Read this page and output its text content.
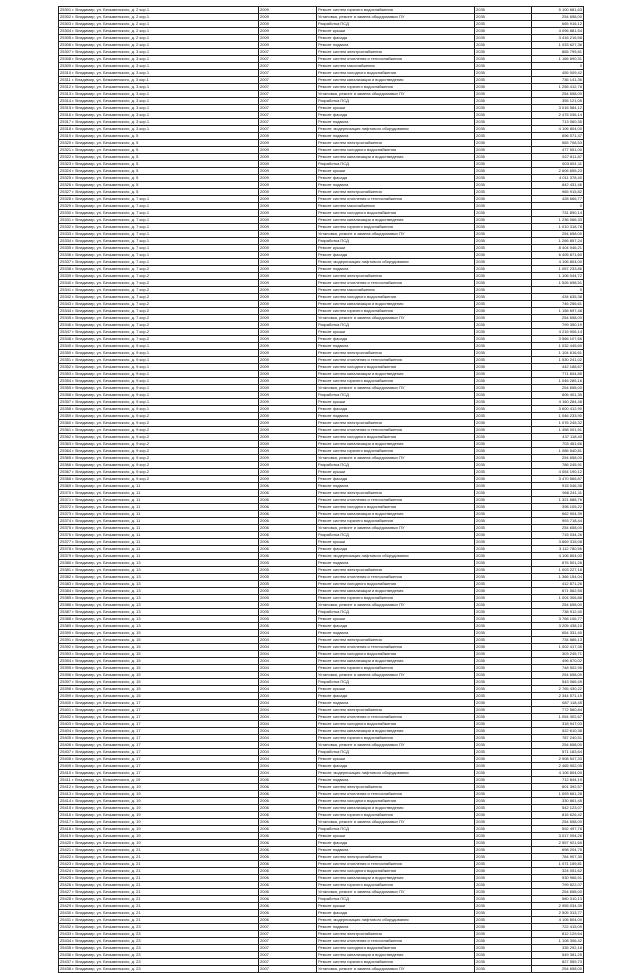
25301 г. Владимир, ул. Безыменского, д. 2 кор.1	2009	Ремонт систем горячего водоснабжения	2035	5 100 681,63
25302 г. Владимир, ул. Безыменского, д. 2 кор.1	2009	Установка, ремонт и замена общедомовых ПУ	2035	254 658,00
25303 г. Владимир, ул. Безыменского, д. 2 кор.1	2009	Разработка ПСД	2035	665 916,12
25304 г. Владимир, ул. Безыменского, д. 2 кор.1	2009	Ремонт крыши	2035	4 096 881,54
25305 г. Владимир, ул. Безыменского, д. 2 кор.1	2009	Ремонт фасада	2035	3 416 216,58
25306 г. Владимир, ул. Безыменского, д. 2 кор.1	2009	Ремонт подвала	2035	1 033 627,36
25307 г. Владимир, ул. Безыменского, д. 3 кор.1	2007	Ремонт систем электроснабжения	2035	865 795,81
25308 г. Владимир, ул. Безыменского, д. 3 кор.1	2007	Ремонт систем отопления и теплоснабжения	2035	1 166 690,31
25309 г. Владимир, ул. Безыменского, д. 3 кор.1	2007	Ремонт систем газоснабжения	2035	0
25310 г. Владимир, ул. Безыменского, д. 3 кор.1	2007	Ремонт систем холодного водоснабжения	2035	455 009,42
25311 г. Владимир, ул. Безыменского, д. 3 кор.1	2007	Ремонт систем канализации и водоотведения	2035	736 141,36
25312 г. Владимир, ул. Безыменского, д. 3 кор.1	2007	Ремонт систем горячего водоснабжения	2035	1 256 412,78
25313 г. Владимир, ул. Безыменского, д. 3 кор.1	2007	Установка, ремонт и замена общедомовых ПУ	2035	254 658,00
25314 г. Владимир, ул. Безыменского, д. 3 кор.1	2007	Разработка ПСД	2035	355 121,05
25315 г. Владимир, ул. Безыменского, д. 3 кор.1	2007	Ремонт крыши	2035	3 016 584,12
25316 г. Владимир, ул. Безыменского, д. 3 кор.1	2007	Ремонт фасада	2035	2 475 036,14
25317 г. Владимир, ул. Безыменского, д. 3 кор.1	2007	Ремонт подвала	2035	713 060,35
25318 г. Владимир, ул. Безыменского, д. 3 кор.1	2007	Ремонт, модернизация лифтового оборудования	2035	4 106 804,00
25319 г. Владимир, ул. Безыменского, д. 5	2009	Ремонт подвала	2035	696 071,47
25320 г. Владимир, ул. Безыменского, д. 5	2009	Ремонт систем электроснабжения	2035	565 708,53
25321 г. Владимир, ул. Безыменского, д. 5	2009	Ремонт систем холодного водоснабжения	2035	477 551,00
25322 г. Владимир, ул. Безыменского, д. 5	2009	Ремонт систем канализации и водоотведения	2035	527 811,87
25323 г. Владимир, ул. Безыменского, д. 5	2009	Разработка ПСД	2035	603 651,11
25324 г. Владимир, ул. Безыменского, д. 5	2009	Ремонт крыши	2035	2 606 655,23
25325 г. Владимир, ул. Безыменского, д. 5	2009	Ремонт фасада	2035	4 011 378,40
25326 г. Владимир, ул. Безыменского, д. 5	2009	Ремонт подвала	2035	842 431,46
25327 г. Владимир, ул. Безыменского, д. 5	2009	Ремонт систем электроснабжения	2035	965 915,82
25328 г. Владимир, ул. Безыменского, д. 7 кор.1	2009	Ремонт систем отопления и теплоснабжения	2035	428 666,77
25329 г. Владимир, ул. Безыменского, д. 7 кор.1	2009	Ремонт систем газоснабжения	2035	0
25330 г. Владимир, ул. Безыменского, д. 7 кор.1	2009	Ремонт систем холодного водоснабжения	2035	731 890,14
25331 г. Владимир, ул. Безыменского, д. 7 кор.1	2009	Ремонт систем канализации и водоотведения	2035	1 236 066,33
25332 г. Владимир, ул. Безыменского, д. 7 кор.1	2009	Ремонт систем горячего водоснабжения	2035	1 010 318,78
25333 г. Владимир, ул. Безыменского, д. 7 кор.1	2009	Установка, ремонт и замена общедомовых ПУ	2035	254 658,00
25334 г. Владимир, ул. Безыменского, д. 7 кор.1	2009	Разработка ПСД	2035	1 266 857,24
25335 г. Владимир, ул. Безыменского, д. 7 кор.1	2009	Ремонт крыши	2035	8 404 046,21
25336 г. Владимир, ул. Безыменского, д. 7 кор.1	2009	Ремонт фасада	2035	6 405 871,60
25337 г. Владимир, ул. Безыменского, д. 7 кор.1	2009	Ремонт, модернизация лифтового оборудования	2035	4 106 804,00
25338 г. Владимир, ул. Безыменского, д. 7 кор.2	2009	Ремонт подвала	2035	1 057 233,86
25339 г. Владимир, ул. Безыменского, д. 7 кор.2	2009	Ремонт систем электроснабжения	2035	1 106 044,72
25340 г. Владимир, ул. Безыменского, д. 7 кор.2	2009	Ремонт систем отопления и теплоснабжения	2035	1 526 698,51
25341 г. Владимир, ул. Безыменского, д. 7 кор.2	2009	Ремонт систем газоснабжения	2035	0
25342 г. Владимир, ул. Безыменского, д. 7 кор.2	2009	Ремонт систем холодного водоснабжения	2035	434 635,38
25343 г. Владимир, ул. Безыменского, д. 7 кор.2	2009	Ремонт систем канализации и водоотведения	2035	746 256,61
25344 г. Владимир, ул. Безыменского, д. 7 кор.2	2009	Ремонт систем горячего водоснабжения	2035	1 156 697,48
25345 г. Владимир, ул. Безыменского, д. 7 кор.2	2009	Установка, ремонт и замена общедомовых ПУ	2035	254 658,00
25346 г. Владимир, ул. Безыменского, д. 7 кор.2	2009	Разработка ПСД	2035	799 350,19
25347 г. Владимир, ул. Безыменского, д. 7 кор.2	2009	Ремонт крыши	2035	4 215 906,14
25348 г. Владимир, ул. Безыменского, д. 7 кор.2	2009	Ремонт фасада	2035	3 566 107,66
25349 г. Владимир, ул. Безыменского, д. 9 кор.1	2009	Ремонт подвала	2035	1 032 445,60
25350 г. Владимир, ул. Безыменского, д. 9 кор.1	2009	Ремонт систем электроснабжения	2035	1 104 616,61
25351 г. Владимир, ул. Безыменского, д. 9 кор.1	2009	Ремонт систем отопления и теплоснабжения	2035	1 530 241,02
25352 г. Владимир, ул. Безыменского, д. 9 кор.1	2009	Ремонт систем холодного водоснабжения	2035	442 188,67
25353 г. Владимир, ул. Безыменского, д. 9 кор.1	2009	Ремонт систем канализации и водоотведения	2035	771 604,85
25354 г. Владимир, ул. Безыменского, д. 9 кор.1	2009	Ремонт систем горячего водоснабжения	2035	1 046 285,16
25355 г. Владимир, ул. Безыменского, д. 9 кор.1	2009	Установка, ремонт и замена общедомовых ПУ	2035	254 658,00
25356 г. Владимир, ул. Безыменского, д. 9 кор.1	2009	Разработка ПСД	2035	806 401,35
25357 г. Владимир, ул. Безыменского, д. 9 кор.1	2009	Ремонт крыши	2035	4 160 284,48
25358 г. Владимир, ул. Безыменского, д. 9 кор.1	2009	Ремонт фасада	2035	3 600 412,90
25359 г. Владимир, ул. Безыменского, д. 9 кор.2	2009	Ремонт подвала	2035	1 046 233,90
25360 г. Владимир, ул. Безыменского, д. 9 кор.2	2009	Ремонт систем электроснабжения	2035	1 076 245,32
25361 г. Владимир, ул. Безыменского, д. 9 кор.2	2009	Ремонт систем отопления и теплоснабжения	2035	1 458 001,51
25362 г. Владимир, ул. Безыменского, д. 9 кор.2	2009	Ремонт систем холодного водоснабжения	2035	437 118,40
25363 г. Владимир, ул. Безыменского, д. 9 кор.2	2009	Ремонт систем канализации и водоотведения	2035	703 451,66
25364 г. Владимир, ул. Безыменского, д. 9 кор.2	2009	Ремонт систем горячего водоснабжения	2035	1 086 540,81
25365 г. Владимир, ул. Безыменского, д. 9 кор.2	2009	Установка, ремонт и замена общедомовых ПУ	2035	254 658,00
25366 г. Владимир, ул. Безыменского, д. 9 кор.2	2009	Разработка ПСД	2035	786 245,91
25367 г. Владимир, ул. Безыменского, д. 9 кор.2	2009	Ремонт крыши	2035	4 054 190,12
25368 г. Владимир, ул. Безыменского, д. 9 кор.2	2009	Ремонт фасада	2035	3 470 566,87
25369 г. Владимир, ул. Безыменского, д. 11	2006	Ремонт подвала	2035	915 046,35
25370 г. Владимир, ул. Безыменского, д. 11	2006	Ремонт систем электроснабжения	2035	966 241,11
25371 г. Владимир, ул. Безыменского, д. 11	2006	Ремонт систем отопления и теплоснабжения	2035	1 321 688,76
25372 г. Владимир, ул. Безыменского, д. 11	2006	Ремонт систем холодного водоснабжения	2035	398 105,22
25373 г. Владимир, ул. Безыменского, д. 11	2006	Ремонт систем канализации и водоотведения	2035	662 904,39
25374 г. Владимир, ул. Безыменского, д. 11	2006	Ремонт систем горячего водоснабжения	2035	993 718,44
25375 г. Владимир, ул. Безыменского, д. 11	2006	Установка, ремонт и замена общедомовых ПУ	2035	254 658,00
25376 г. Владимир, ул. Безыменского, д. 11	2006	Разработка ПСД	2035	715 034,26
25377 г. Владимир, ул. Безыменского, д. 11	2006	Ремонт крыши	2035	3 669 315,08
25378 г. Владимир, ул. Безыменского, д. 11	2006	Ремонт фасада	2035	3 112 780,56
25379 г. Владимир, ул. Безыменского, д. 11	2006	Ремонт, модернизация лифтового оборудования	2035	4 106 804,00
25380 г. Владимир, ул. Безыменского, д. 13	2005	Ремонт подвала	2035	876 501,26
25381 г. Владимир, ул. Безыменского, д. 13	2005	Ремонт систем электроснабжения	2035	1 003 227,18
25382 г. Владимир, ул. Безыменского, д. 13	2005	Ремонт систем отопления и теплоснабжения	2035	1 366 154,04
25383 г. Владимир, ул. Безыменского, д. 13	2005	Ремонт систем холодного водоснабжения	2035	412 871,26
25384 г. Владимир, ул. Безыменского, д. 13	2005	Ремонт систем канализации и водоотведения	2035	671 562,55
25385 г. Владимир, ул. Безыменского, д. 13	2005	Ремонт систем горячего водоснабжения	2035	1 004 306,88
25386 г. Владимир, ул. Безыменского, д. 13	2005	Установка, ремонт и замена общедомовых ПУ	2035	254 658,00
25387 г. Владимир, ул. Безыменского, д. 13	2005	Разработка ПСД	2035	738 912,40
25388 г. Владимир, ул. Безыменского, д. 13	2005	Ремонт крыши	2035	3 768 106,77
25389 г. Владимир, ул. Безыменского, д. 13	2005	Ремонт фасада	2035	3 205 438,10
25390 г. Владимир, ул. Безыменского, д. 15	2004	Ремонт подвала	2035	654 331,40
25391 г. Владимир, ул. Безыменского, д. 15	2004	Ремонт систем электроснабжения	2035	734 886,13
25392 г. Владимир, ул. Безыменского, д. 15	2004	Ремонт систем отопления и теплоснабжения	2035	1 002 417,35
25393 г. Владимир, ул. Безыменского, д. 15	2004	Ремонт систем холодного водоснабжения	2035	303 245,71
25394 г. Владимир, ул. Безыменского, д. 15	2004	Ремонт систем канализации и водоотведения	2035	496 870,02
25395 г. Владимир, ул. Безыменского, д. 15	2004	Ремонт систем горячего водоснабжения	2035	748 502,96
25396 г. Владимир, ул. Безыменского, д. 15	2004	Установка, ремонт и замена общедомовых ПУ	2035	254 658,00
25397 г. Владимир, ул. Безыменского, д. 15	2004	Разработка ПСД	2035	543 066,49
25398 г. Владимир, ул. Безыменского, д. 15	2004	Ремонт крыши	2035	2 765 430,22
25399 г. Владимир, ул. Безыменского, д. 15	2004	Ремонт фасада	2035	2 344 571,19
25400 г. Владимир, ул. Безыменского, д. 17	2004	Ремонт подвала	2035	687 118,45
25401 г. Владимир, ул. Безыменского, д. 17	2004	Ремонт систем электроснабжения	2035	772 560,84
25402 г. Владимир, ул. Безыменского, д. 17	2004	Ремонт систем отопления и теплоснабжения	2035	1 054 302,67
25403 г. Владимир, ул. Безыменского, д. 17	2004	Ремонт систем холодного водоснабжения	2035	318 947,03
25404 г. Владимир, ул. Безыменского, д. 17	2004	Ремонт систем канализации и водоотведения	2035	522 610,38
25405 г. Владимир, ул. Безыменского, д. 17	2004	Ремонт систем горячего водоснабжения	2035	787 240,51
25406 г. Владимир, ул. Безыменского, д. 17	2004	Установка, ремонт и замена общедомовых ПУ	2035	254 658,00
25407 г. Владимир, ул. Безыменского, д. 17	2004	Разработка ПСД	2035	571 183,64
25408 г. Владимир, ул. Безыменского, д. 17	2004	Ремонт крыши	2035	2 908 547,33
25409 г. Владимир, ул. Безыменского, д. 17	2004	Ремонт фасада	2035	2 465 902,05
25410 г. Владимир, ул. Безыменского, д. 17	2004	Ремонт, модернизация лифтового оборудования	2035	4 106 804,00
25411 г. Владимир, ул. Безыменского, д. 19	2006	Ремонт подвала	2035	712 844,19
25412 г. Владимир, ул. Безыменского, д. 19	2006	Ремонт систем электроснабжения	2035	801 392,57
25413 г. Владимир, ул. Безыменского, д. 19	2006	Ремонт систем отопления и теплоснабжения	2035	1 093 661,28
25414 г. Владимир, ул. Безыменского, д. 19	2006	Ремонт систем холодного водоснабжения	2035	330 861,45
25415 г. Владимир, ул. Безыменского, д. 19	2006	Ремонт систем канализации и водоотведения	2035	542 123,07
25416 г. Владимир, ул. Безыменского, д. 19	2006	Ремонт систем горячего водоснабжения	2035	816 626,42
25417 г. Владимир, ул. Безыменского, д. 19	2006	Установка, ремонт и замена общедомовых ПУ	2035	254 658,00
25418 г. Владимир, ул. Безыменского, д. 19	2006	Разработка ПСД	2035	592 497,78
25419 г. Владимир, ул. Безыменского, д. 19	2006	Ремонт крыши	2035	3 017 094,26
25420 г. Владимир, ул. Безыменского, д. 19	2006	Ремонт фасада	2035	2 557 921,60
25421 г. Владимир, ул. Безыменского, д. 21	2006	Ремонт подвала	2035	698 204,75
25422 г. Владимир, ул. Безыменского, д. 21	2006	Ремонт систем электроснабжения	2035	784 907,30
25423 г. Владимир, ул. Безыменского, д. 21	2006	Ремонт систем отопления и теплоснабжения	2035	1 071 159,81
25424 г. Владимир, ул. Безыменского, д. 21	2006	Ремонт систем холодного водоснабжения	2035	324 051,62
25425 г. Владимир, ул. Безыменского, д. 21	2006	Ремонт систем канализации и водоотведения	2035	530 966,91
25426 г. Владимир, ул. Безыменского, д. 21	2006	Ремонт систем горячего водоснабжения	2035	799 822,07
25427 г. Владимир, ул. Безыменского, д. 21	2006	Установка, ремонт и замена общедомовых ПУ	2035	254 658,00
25428 г. Владимир, ул. Безыменского, д. 21	2006	Разработка ПСД	2035	580 310,13
25429 г. Владимир, ул. Безыменского, д. 21	2006	Ремонт крыши	2035	2 955 034,39
25430 г. Владимир, ул. Безыменского, д. 21	2006	Ремонт фасада	2035	2 505 313,77
25431 г. Владимир, ул. Безыменского, д. 21	2006	Ремонт, модернизация лифтового оборудования	2035	4 106 804,00
25432 г. Владимир, ул. Безыменского, д. 23	2007	Ремонт подвала	2035	722 415,09
25433 г. Владимир, ул. Безыменского, д. 23	2007	Ремонт систем электроснабжения	2035	812 129,64
25434 г. Владимир, ул. Безыменского, д. 23	2007	Ремонт систем отопления и теплоснабжения	2035	1 108 306,42
25435 г. Владимир, ул. Безыменского, д. 23	2007	Ремонт систем холодного водоснабжения	2035	335 292,18
25436 г. Владимир, ул. Безыменского, д. 23	2007	Ремонт систем канализации и водоотведения	2035	549 381,25
25437 г. Владимир, ул. Безыменского, д. 23	2007	Ремонт систем горячего водоснабжения	2035	827 559,73
25438 г. Владимир, ул. Безыменского, д. 23	2007	Установка, ремонт и замена общедомовых ПУ	2035	254 658,00
